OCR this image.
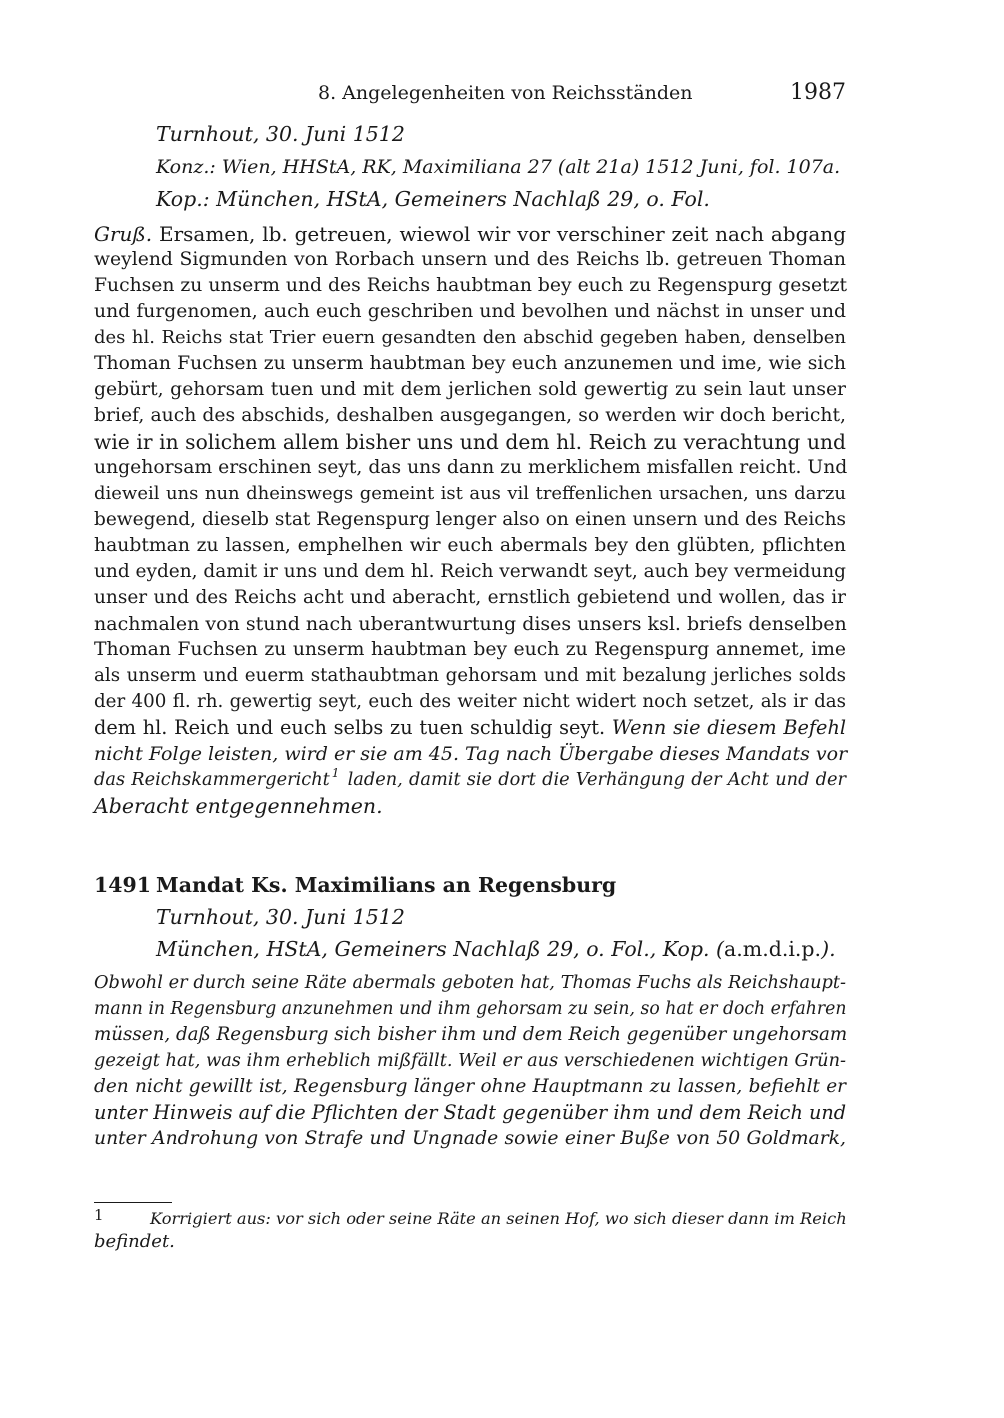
8. Angelegenheiten von Reichsständen	1987
Turnhout, 30. Juni 1512
Konz.: Wien, HHStA, RK, Maximiliana 27 (alt 21a) 1512 Juni, fol. 107a.
Kop.: München, HStA, Gemeiners Nachlaß 29, o. Fol.
Gruß. Ersamen, lb. getreuen, wiewol wir vor verschiner zeit nach abgang
weylend Sigmunden von Rorbach unsern und des Reichs lb. getreuen Thoman
Fuchsen zu unserm und des Reichs haubtman bey euch zu Regenspurg gesetzt
und furgenomen, auch euch geschriben und bevolhen und nächst in unser und
des hl. Reichs stat Trier euern gesandten den abschid gegeben haben, denselben
Thoman Fuchsen zu unserm haubtman bey euch anzunemen und ime, wie sich
gebürt, gehorsam tuen und mit dem jerlichen sold gewertig zu sein laut unser
brief, auch des abschids, deshalben ausgegangen, so werden wir doch bericht,
wie ir in solichem allem bisher uns und dem hl. Reich zu verachtung und
ungehorsam erschinen seyt, das uns dann zu merklichem misfallen reicht. Und
dieweil uns nun dheinswegs gemeint ist aus vil treffenlichen ursachen, uns darzu
bewegend, dieselb stat Regenspurg lenger also on einen unsern und des Reichs
haubtman zu lassen, emphelhen wir euch abermals bey den glübten, pflichten
und eyden, damit ir uns und dem hl. Reich verwandt seyt, auch bey vermeidung
unser und des Reichs acht und aberacht, ernstlich gebietend und wollen, das ir
nachmalen von stund nach uberantwurtung dises unsers ksl. briefs denselben
Thoman Fuchsen zu unserm haubtman bey euch zu Regenspurg annemet, ime
als unserm und euerm stathaubtman gehorsam und mit bezalung jerliches solds
der 400 fl. rh. gewertig seyt, euch des weiter nicht widert noch setzet, als ir das
dem hl. Reich und euch selbs zu tuen schuldig seyt. Wenn sie diesem Befehl
nicht Folge leisten, wird er sie am 45. Tag nach Übergabe dieses Mandats vor
das Reichskammergericht $^1$ laden, damit sie dort die Verhängung der Acht und der
Aberacht entgegennehmen.
1491 Mandat Ks. Maximilians an Regensburg
Turnhout, 30. Juni 1512
München, HStA, Gemeiners Nachlaß 29, o. Fol., Kop. (a.m.d.i.p.).
Obwohl er durch seine Räte abermals geboten hat, Thomas Fuchs als Reichshaupt-
mann in Regensburg anzunehmen und ihm gehorsam zu sein, so hat er doch erfahren
müssen, daß Regensburg sich bisher ihm und dem Reich gegenüber ungehorsam
gezeigt hat, was ihm erheblich mißfällt. Weil er aus verschiedenen wichtigen Grün-
den nicht gewillt ist, Regensburg länger ohne Hauptmann zu lassen, befiehlt er
unter Hinweis auf die Pflichten der Stadt gegenüber ihm und dem Reich und
unter Androhung von Strafe und Ungnade sowie einer Buße von 50 Goldmark,
1	Korrigiert aus: vor sich oder seine Räte an seinen Hof, wo sich dieser dann im Reich
befindet.
